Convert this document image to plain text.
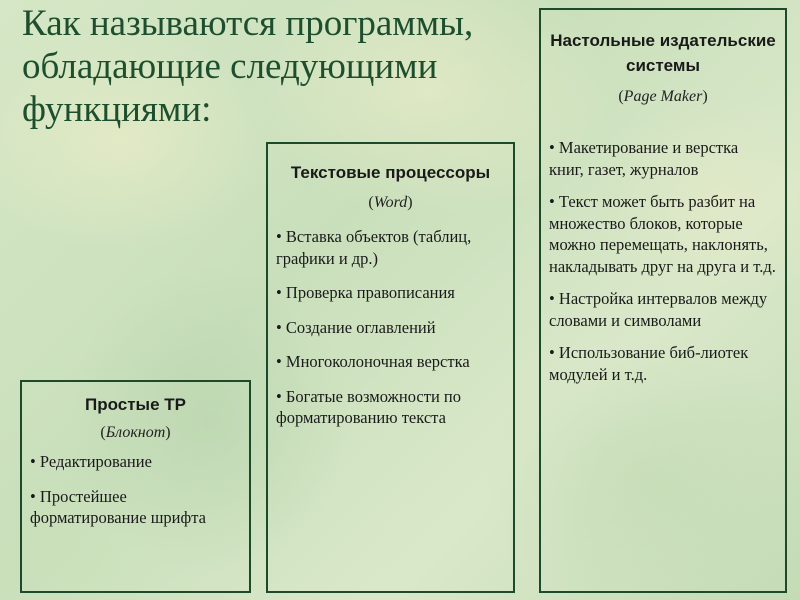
Как называются программы, обладающие следующими функциями:

Простые ТР

(Блокнот)

• Редактирование
• Простейшее форматирование шрифта

Текстовые процессоры

(Word)

• Вставка объектов (таблиц, графики и др.)
• Проверка правописания
• Создание оглавлений
• Многоколоночная верстка
• Богатые возможности по форматированию текста

Настольные издательские системы

(Page Maker)

• Макетирование и верстка книг, газет, журналов
• Текст может быть разбит на множество блоков, которые можно перемещать, наклонять, накладывать друг на друга и т.д.
• Настройка интервалов между словами и символами
• Использование биб-лиотек модулей и т.д.
